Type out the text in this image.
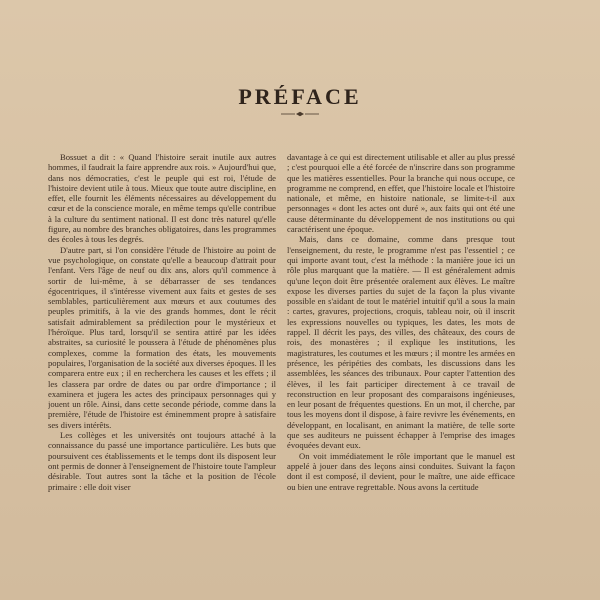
PRÉFACE

Bossuet a dit : « Quand l'histoire serait inutile aux autres hommes, il faudrait la faire apprendre aux rois. » Aujourd'hui que, dans nos démocraties, c'est le peuple qui est roi, l'étude de l'histoire devient utile à tous. Mieux que toute autre discipline, en effet, elle fournit les éléments nécessaires au développement du cœur et de la conscience morale, en même temps qu'elle contribue à la culture du sentiment national. Il est donc très naturel qu'elle figure, au nombre des branches obligatoires, dans les programmes des écoles à tous les degrés.

D'autre part, si l'on considère l'étude de l'histoire au point de vue psychologique, on constate qu'elle a beaucoup d'attrait pour l'enfant. Vers l'âge de neuf ou dix ans, alors qu'il commence à sortir de lui-même, à se débarrasser de ses tendances égocentriques, il s'intéresse vivement aux faits et gestes de ses semblables, particulièrement aux mœurs et aux coutumes des peuples primitifs, à la vie des grands hommes, dont le récit satisfait admirablement sa prédilection pour le mystérieux et l'héroïque. Plus tard, lorsqu'il se sentira attiré par les idées abstraites, sa curiosité le poussera à l'étude de phénomènes plus complexes, comme la formation des états, les mouvements populaires, l'organisation de la société aux diverses époques. Il les comparera entre eux ; il en recherchera les causes et les effets ; il les classera par ordre de dates ou par ordre d'importance ; il examinera et jugera les actes des principaux personnages qui y jouent un rôle. Ainsi, dans cette seconde période, comme dans la première, l'étude de l'histoire est éminemment propre à satisfaire ses divers intérêts.

Les collèges et les universités ont toujours attaché à la connaissance du passé une importance particulière. Les buts que poursuivent ces établissements et le temps dont ils disposent leur ont permis de donner à l'enseignement de l'histoire toute l'ampleur désirable. Tout autres sont la tâche et la position de l'école primaire : elle doit viser

davantage à ce qui est directement utilisable et aller au plus pressé ; c'est pourquoi elle a été forcée de n'inscrire dans son programme que les matières essentielles. Pour la branche qui nous occupe, ce programme ne comprend, en effet, que l'histoire locale et l'histoire nationale, et même, en histoire nationale, se limite-t-il aux personnages « dont les actes ont duré », aux faits qui ont été une cause déterminante du développement de nos institutions ou qui caractérisent une époque.

Mais, dans ce domaine, comme dans presque tout l'enseignement, du reste, le programme n'est pas l'essentiel ; ce qui importe avant tout, c'est la méthode : la manière joue ici un rôle plus marquant que la matière. — Il est généralement admis qu'une leçon doit être présentée oralement aux élèves. Le maître expose les diverses parties du sujet de la façon la plus vivante possible en s'aidant de tout le matériel intuitif qu'il a sous la main : cartes, gravures, projections, croquis, tableau noir, où il inscrit les expressions nouvelles ou typiques, les dates, les mots de rappel. Il décrit les pays, des villes, des châteaux, des cours de rois, des monastères ; il explique les institutions, les magistratures, les coutumes et les mœurs ; il montre les armées en présence, les péripéties des combats, les discussions dans les assemblées, les séances des tribunaux. Pour capter l'attention des élèves, il les fait participer directement à ce travail de reconstruction en leur proposant des comparaisons ingénieuses, en leur posant de fréquentes questions. En un mot, il cherche, par tous les moyens dont il dispose, à faire revivre les événements, en développant, en localisant, en animant la matière, de telle sorte que ses auditeurs ne puissent échapper à l'emprise des images évoquées devant eux.

On voit immédiatement le rôle important que le manuel est appelé à jouer dans des leçons ainsi conduites. Suivant la façon dont il est composé, il devient, pour le maître, une aide efficace ou bien une entrave regrettable. Nous avons la certitude
